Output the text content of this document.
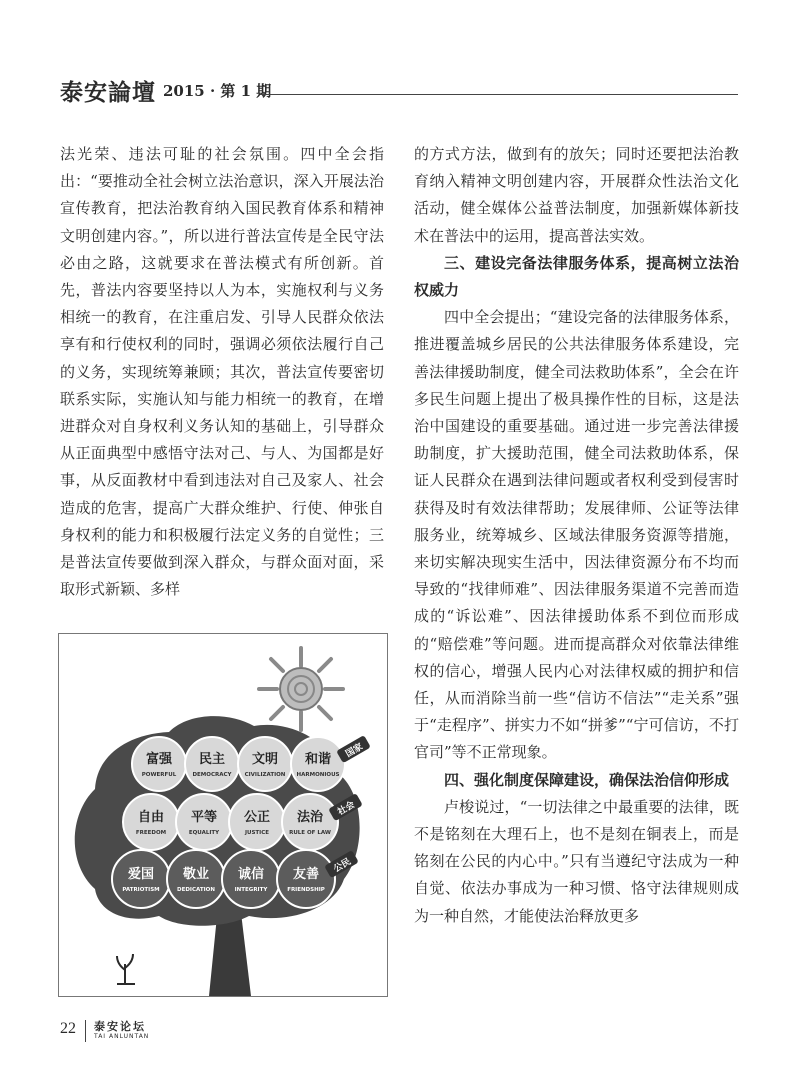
泰安論壇 2015 · 第 1 期

法光荣、违法可耻的社会氛围。四中全会指出：“要推动全社会树立法治意识，深入开展法治宣传教育，把法治教育纳入国民教育体系和精神文明创建内容。”，所以进行普法宣传是全民守法必由之路，这就要求在普法模式有所创新。首先，普法内容要坚持以人为本，实施权利与义务相统一的教育，在注重启发、引导人民群众依法享有和行使权利的同时，强调必须依法履行自己的义务，实现统筹兼顾；其次，普法宣传要密切联系实际，实施认知与能力相统一的教育，在增进群众对自身权利义务认知的基础上，引导群众从正面典型中感悟守法对己、与人、为国都是好事，从反面教材中看到违法对自己及家人、社会造成的危害，提高广大群众维护、行使、伸张自身权利的能力和积极履行法定义务的自觉性；三是普法宣传要做到深入群众，与群众面对面，采取形式新颖、多样

的方式方法，做到有的放矢；同时还要把法治教育纳入精神文明创建内容，开展群众性法治文化活动，健全媒体公益普法制度，加强新媒体新技术在普法中的运用，提高普法实效。

三、建设完备法律服务体系，提高树立法治权威力

四中全会提出；“建设完备的法律服务体系，推进覆盖城乡居民的公共法律服务体系建设，完善法律援助制度，健全司法救助体系”，全会在许多民生问题上提出了极具操作性的目标，这是法治中国建设的重要基础。通过进一步完善法律援助制度，扩大援助范围，健全司法救助体系，保证人民群众在遇到法律问题或者权利受到侵害时获得及时有效法律帮助；发展律师、公证等法律服务业，统筹城乡、区域法律服务资源等措施，来切实解决现实生活中，因法律资源分布不均而导致的“找律师难”、因法律服务渠道不完善而造成的“诉讼难”、因法律援助体系不到位而形成的“赔偿难”等问题。进而提高群众对依靠法律维权的信心，增强人民内心对法律权威的拥护和信任，从而消除当前一些“信访不信法”“走关系”强于“走程序”、拼实力不如“拼爹”“宁可信访，不打官司”等不正常现象。

四、强化制度保障建设，确保法治信仰形成

卢梭说过，“一切法律之中最重要的法律，既不是铭刻在大理石上，也不是刻在铜表上，而是铭刻在公民的内心中。”只有当遵纪守法成为一种自觉、依法办事成为一种习惯、恪守法律规则成为一种自然，才能使法治释放更多

富强
POWERFUL
民主
DEMOCRACY
文明
CIVILIZATION
和谐
HARMONIOUS
国家
自由
FREEDOM
平等
EQUALITY
公正
JUSTICE
法治
RULE OF LAW
社会
爱国
PATRIOTISM
敬业
DEDICATION
诚信
INTEGRITY
友善
FRIENDSHIP
公民
22 泰安论坛
TAI ANLUNTAN
